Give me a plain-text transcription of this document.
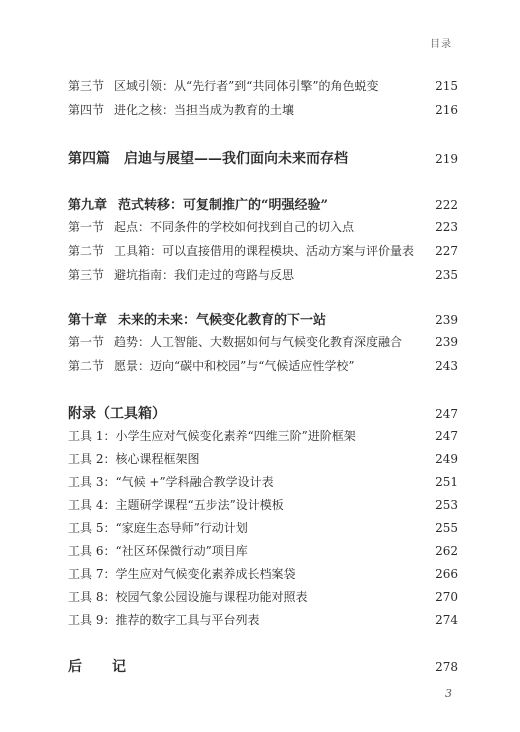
目录
第三节 区域引领：从“先行者”到“共同体引擎”的角色蜕变	215
第四节 进化之核：当担当成为教育的土壤	216
第四篇	启迪与展望——我们面向未来而存档	219
第九章 范式转移：可复制推广的“明强经验”	222
第一节 起点：不同条件的学校如何找到自己的切入点	223
第二节 工具箱：可以直接借用的课程模块、活动方案与评价量表	227
第三节 避坑指南：我们走过的弯路与反思	235
第十章 未来的未来：气候变化教育的下一站	239
第一节 趋势：人工智能、大数据如何与气候变化教育深度融合	239
第二节 愿景：迈向“碳中和校园”与“气候适应性学校”	243
附录（工具箱）	247
工具 1：小学生应对气候变化素养“四维三阶”进阶框架	247
工具 2：核心课程框架图	249
工具 3：“气候 +”学科融合教学设计表	251
工具 4：主题研学课程“五步法”设计模板	253
工具 5：“家庭生态导师”行动计划	255
工具 6：“社区环保微行动”项目库	262
工具 7：学生应对气候变化素养成长档案袋	266
工具 8：校园气象公园设施与课程功能对照表	270
工具 9：推荐的数字工具与平台列表	274
后　记	278
3
